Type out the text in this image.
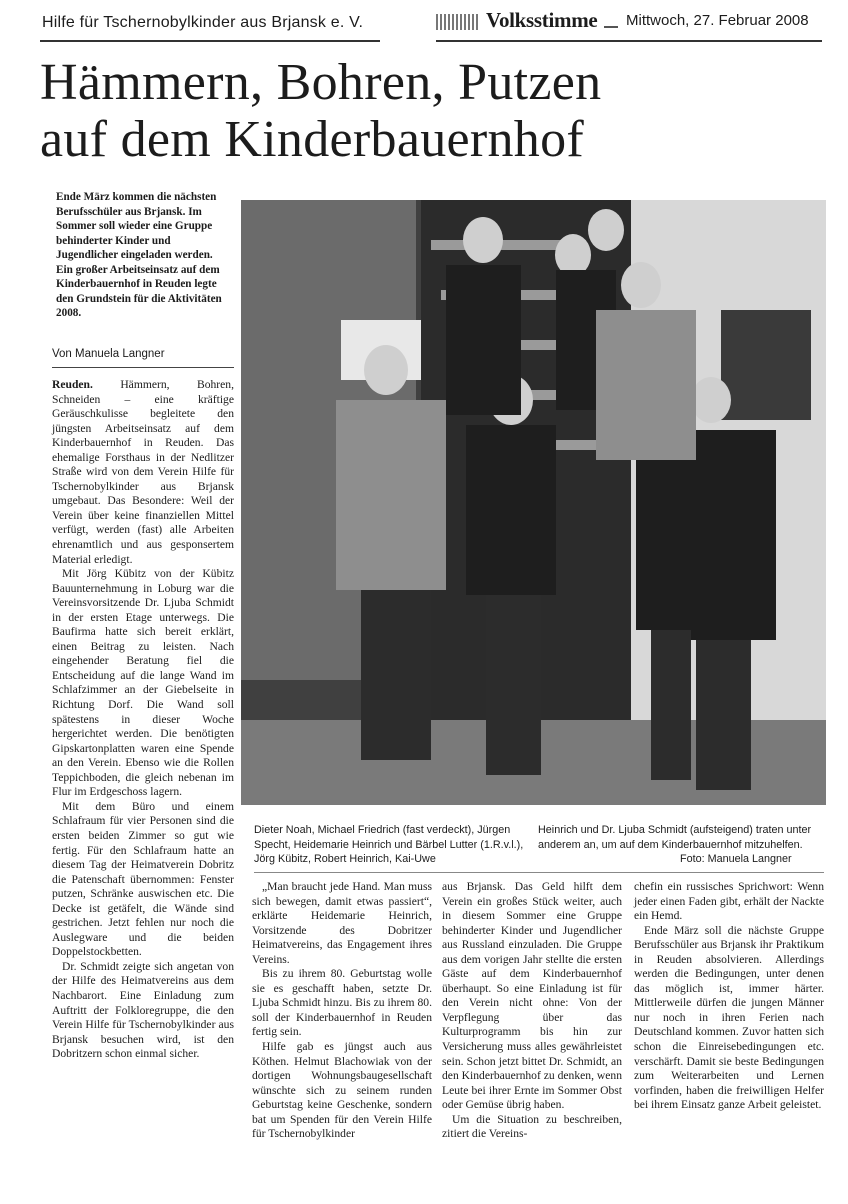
Hilfe für Tschernobylkinder aus Brjansk e. V.	Volksstimme Mittwoch, 27. Februar 2008
Hämmern, Bohren, Putzen
auf dem Kinderbauernhof
Ende März kommen die nächsten Berufsschüler aus Brjansk. Im Sommer soll wieder eine Gruppe behinderter Kinder und Jugendlicher eingeladen werden. Ein großer Arbeitseinsatz auf dem Kinderbauernhof in Reuden legte den Grundstein für die Aktivitäten 2008.
Von Manuela Langner

Reuden. Hämmern, Bohren, Schneiden – eine kräftige Geräuschkulisse begleitete den jüngsten Arbeitseinsatz auf dem Kinderbauernhof in Reuden. Das ehemalige Forsthaus in der Nedlitzer Straße wird von dem Verein Hilfe für Tschernobylkinder aus Brjansk umgebaut. Das Besondere: Weil der Verein über keine finanziellen Mittel verfügt, werden (fast) alle Arbeiten ehrenamtlich und aus gesponsertem Material erledigt.

Mit Jörg Kübitz von der Kübitz Bauunternehmung in Loburg war die Vereinsvorsitzende Dr. Ljuba Schmidt in der ersten Etage unterwegs. Die Baufirma hatte sich bereit erklärt, einen Beitrag zu leisten. Nach eingehender Beratung fiel die Entscheidung auf die lange Wand im Schlafzimmer an der Giebelseite in Richtung Dorf. Die Wand soll spätestens in dieser Woche hergerichtet werden. Die benötigten Gipskartonplatten waren eine Spende an den Verein. Ebenso wie die Rollen Teppichboden, die gleich nebenan im Flur im Erdgeschoss lagern.

Mit dem Büro und einem Schlafraum für vier Personen sind die ersten beiden Zimmer so gut wie fertig. Für den Schlafraum hatte an diesem Tag der Heimatverein Dobritz die Patenschaft übernommen: Fenster putzen, Schränke auswischen etc. Die Decke ist getäfelt, die Wände sind gestrichen. Jetzt fehlen nur noch die Auslegware und die beiden Doppelstockbetten.

Dr. Schmidt zeigte sich angetan von der Hilfe des Heimatvereins aus dem Nachbarort. Eine Einladung zum Auftritt der Folkloregruppe, die den Verein Hilfe für Tschernobylkinder aus Brjansk besuchen wird, ist den Dobritzern schon einmal sicher.

Dieter Noah, Michael Friedrich (fast verdeckt), Jürgen Specht, Heidemarie Heinrich und Bärbel Lutter (1.R.v.l.), Jörg Kübitz, Robert Heinrich, Kai-Uwe
Heinrich und Dr. Ljuba Schmidt (aufsteigend) traten unter anderem an, um auf dem Kinderbauernhof mitzuhelfen.
Foto: Manuela Langner

„Man braucht jede Hand. Man muss sich bewegen, damit etwas passiert“, erklärte Heidemarie Heinrich, Vorsitzende des Dobritzer Heimatvereins, das Engagement ihres Vereins.

Bis zu ihrem 80. Geburtstag wolle sie es geschafft haben, setzte Dr. Ljuba Schmidt hinzu. Bis zu ihrem 80. soll der Kinderbauernhof in Reuden fertig sein.

Hilfe gab es jüngst auch aus Köthen. Helmut Blachowiak von der dortigen Wohnungsbaugesellschaft wünschte sich zu seinem runden Geburtstag keine Geschenke, sondern bat um Spenden für den Verein Hilfe für Tschernobylkinder

aus Brjansk. Das Geld hilft dem Verein ein großes Stück weiter, auch in diesem Sommer eine Gruppe behinderter Kinder und Jugendlicher aus Russland einzuladen. Die Gruppe aus dem vorigen Jahr stellte die ersten Gäste auf dem Kinderbauernhof überhaupt. So eine Einladung ist für den Verein nicht ohne: Von der Verpflegung über das Kulturprogramm bis hin zur Versicherung muss alles gewährleistet sein. Schon jetzt bittet Dr. Schmidt, an den Kinderbauernhof zu denken, wenn Leute bei ihrer Ernte im Sommer Obst oder Gemüse übrig haben.

Um die Situation zu beschreiben, zitiert die Vereins-

chefin ein russisches Sprichwort: Wenn jeder einen Faden gibt, erhält der Nackte ein Hemd.

Ende März soll die nächste Gruppe Berufsschüler aus Brjansk ihr Praktikum in Reuden absolvieren. Allerdings werden die Bedingungen, unter denen das möglich ist, immer härter. Mittlerweile dürfen die jungen Männer nur noch in ihren Ferien nach Deutschland kommen. Zuvor hatten sich schon die Einreisebedingungen etc. verschärft. Damit sie beste Bedingungen zum Weiterarbeiten und Lernen vorfinden, haben die freiwilligen Helfer bei ihrem Einsatz ganze Arbeit geleistet.
